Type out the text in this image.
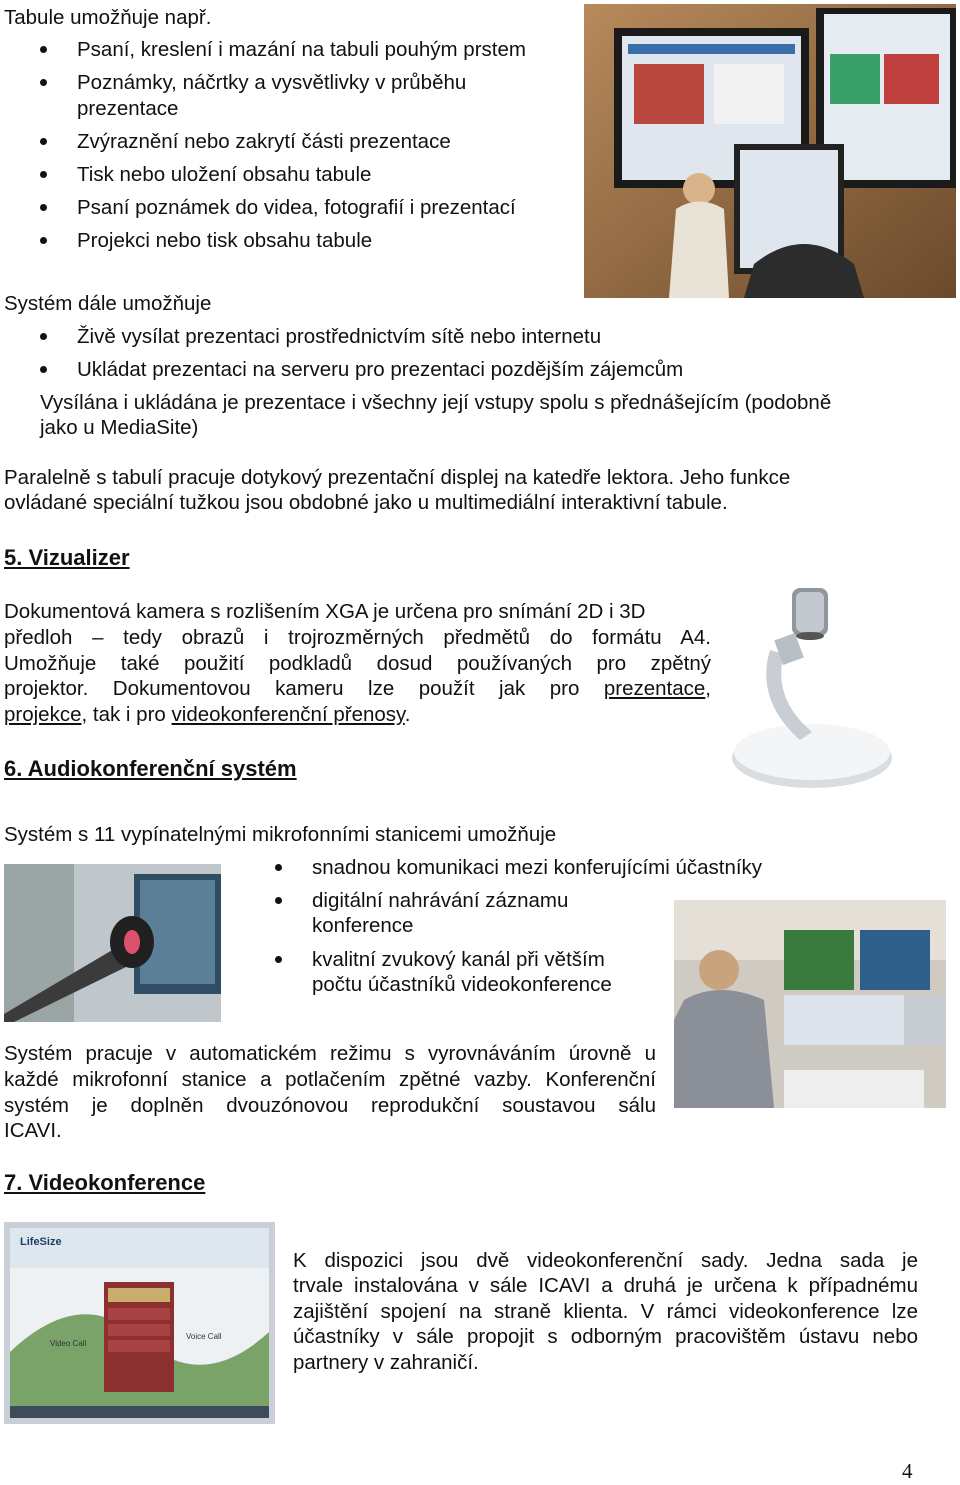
Tabule umožňuje např.
Psaní, kreslení i mazání na tabuli pouhým prstem
Poznámky, náčrtky a vysvětlivky v průběhu
prezentace
Zvýraznění nebo zakrytí části prezentace
Tisk nebo uložení obsahu tabule
Psaní poznámek do videa, fotografií i prezentací
Projekci nebo tisk obsahu tabule
Systém dále umožňuje
Živě vysílat prezentaci prostřednictvím sítě nebo internetu
Ukládat prezentaci na serveru pro prezentaci pozdějším zájemcům
Vysílána i ukládána je prezentace i všechny její vstupy spolu s přednášejícím (podobně
jako u MediaSite)
Paralelně s tabulí pracuje dotykový prezentační displej na katedře lektora. Jeho funkce
ovládané speciální tužkou jsou obdobné jako u multimediální interaktivní tabule.
5. Vizualizer
Dokumentová kamera s rozlišením XGA je určena pro snímání 2D i 3D
předloh – tedy obrazů i trojrozměrných předmětů do formátu A4.
Umožňuje také použití podkladů dosud používaných pro zpětný
projektor. Dokumentovou kameru lze použít jak pro prezentace,
projekce, tak i pro videokonferenční přenosy.
6. Audiokonferenční systém
Systém s 11 vypínatelnými mikrofonními stanicemi umožňuje
snadnou komunikaci mezi konferujícími účastníky
digitální nahrávání záznamu
konference
kvalitní zvukový kanál při větším
počtu účastníků videokonference
Systém pracuje v automatickém režimu s vyrovnáváním úrovně u
každé mikrofonní stanice a potlačením zpětné vazby. Konferenční
systém je doplněn dvouzónovou reprodukční soustavou sálu
ICAVI.
7. Videokonference
LifeSize
Video Call
Voice Call
K dispozici jsou dvě videokonferenční sady. Jedna sada je
trvale instalována v sále ICAVI a druhá je určena k případnému
zajištění spojení na straně klienta. V rámci videokonference lze
účastníky v sále propojit s odborným pracovištěm ústavu nebo
partnery v zahraničí.
4
